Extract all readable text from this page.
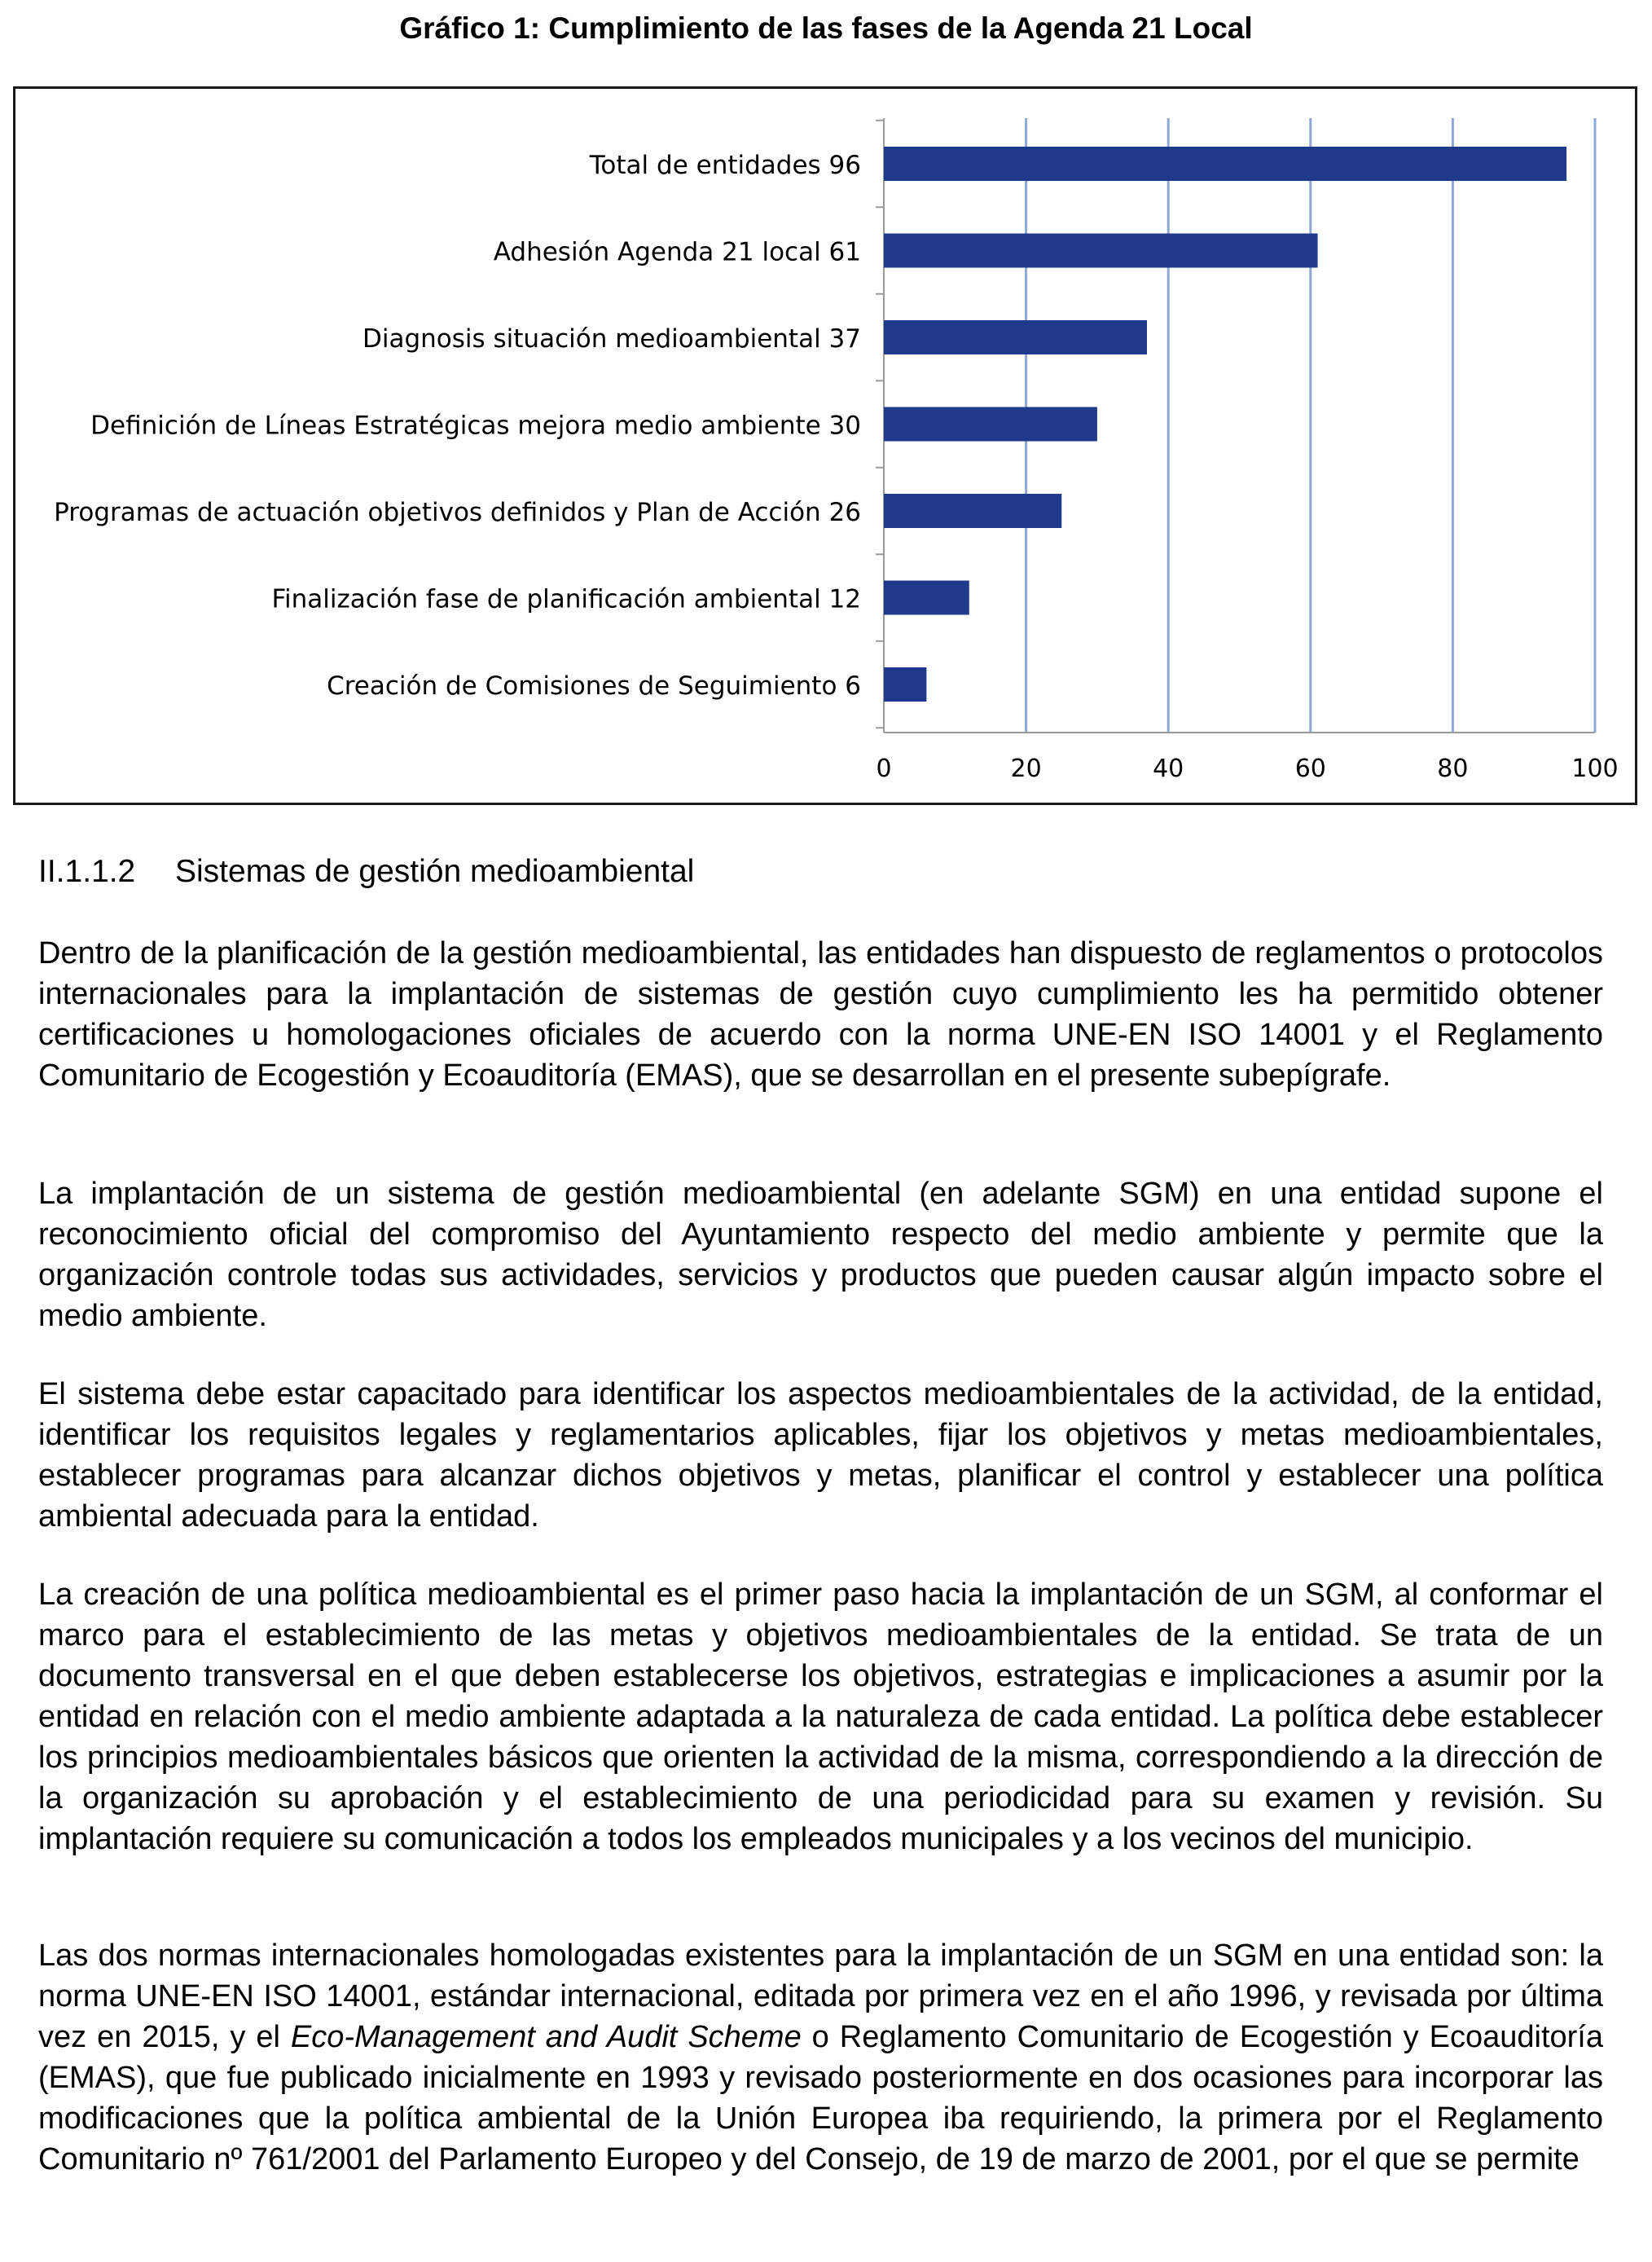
Gráfico 1: Cumplimiento de las fases de la Agenda 21 Local
0	20	40	60	80	100
Total de entidades 96
Adhesión Agenda 21 local 61
Diagnosis situación medioambiental 37
Definición de Líneas Estratégicas mejora medio ambiente 30
Programas de actuación objetivos definidos y Plan de Acción 26
Finalización fase de planificación ambiental 12
Creación de Comisiones de Seguimiento 6
II.1.1.2 Sistemas de gestión medioambiental

Dentro de la planificación de la gestión medioambiental, las entidades han dispuesto de reglamentos o protocolos internacionales para la implantación de sistemas de gestión cuyo cumplimiento les ha permitido obtener certificaciones u homologaciones oficiales de acuerdo con la norma UNE-EN ISO 14001 y el Reglamento Comunitario de Ecogestión y Ecoauditoría (EMAS), que se desarrollan en el presente subepígrafe.

La implantación de un sistema de gestión medioambiental (en adelante SGM) en una entidad supone el reconocimiento oficial del compromiso del Ayuntamiento respecto del medio ambiente y permite que la organización controle todas sus actividades, servicios y productos que pueden causar algún impacto sobre el medio ambiente.

El sistema debe estar capacitado para identificar los aspectos medioambientales de la actividad, de la entidad, identificar los requisitos legales y reglamentarios aplicables, fijar los objetivos y metas medioambientales, establecer programas para alcanzar dichos objetivos y metas, planificar el control y establecer una política ambiental adecuada para la entidad.

La creación de una política medioambiental es el primer paso hacia la implantación de un SGM, al conformar el marco para el establecimiento de las metas y objetivos medioambientales de la entidad. Se trata de un documento transversal en el que deben establecerse los objetivos, estrategias e implicaciones a asumir por la entidad en relación con el medio ambiente adaptada a la naturaleza de cada entidad. La política debe establecer los principios medioambientales básicos que orienten la actividad de la misma, correspondiendo a la dirección de la organización su aprobación y el establecimiento de una periodicidad para su examen y revisión. Su implantación requiere su comunicación a todos los empleados municipales y a los vecinos del municipio.

Las dos normas internacionales homologadas existentes para la implantación de un SGM en una entidad son: la norma UNE-EN ISO 14001, estándar internacional, editada por primera vez en el año 1996, y revisada por última vez en 2015, y el Eco-Management and Audit Scheme o Reglamento Comunitario de Ecogestión y Ecoauditoría (EMAS), que fue publicado inicialmente en 1993 y revisado posteriormente en dos ocasiones para incorporar las modificaciones que la política ambiental de la Unión Europea iba requiriendo, la primera por el Reglamento Comunitario nº 761/2001 del Parlamento Europeo y del Consejo, de 19 de marzo de 2001, por el que se permite
